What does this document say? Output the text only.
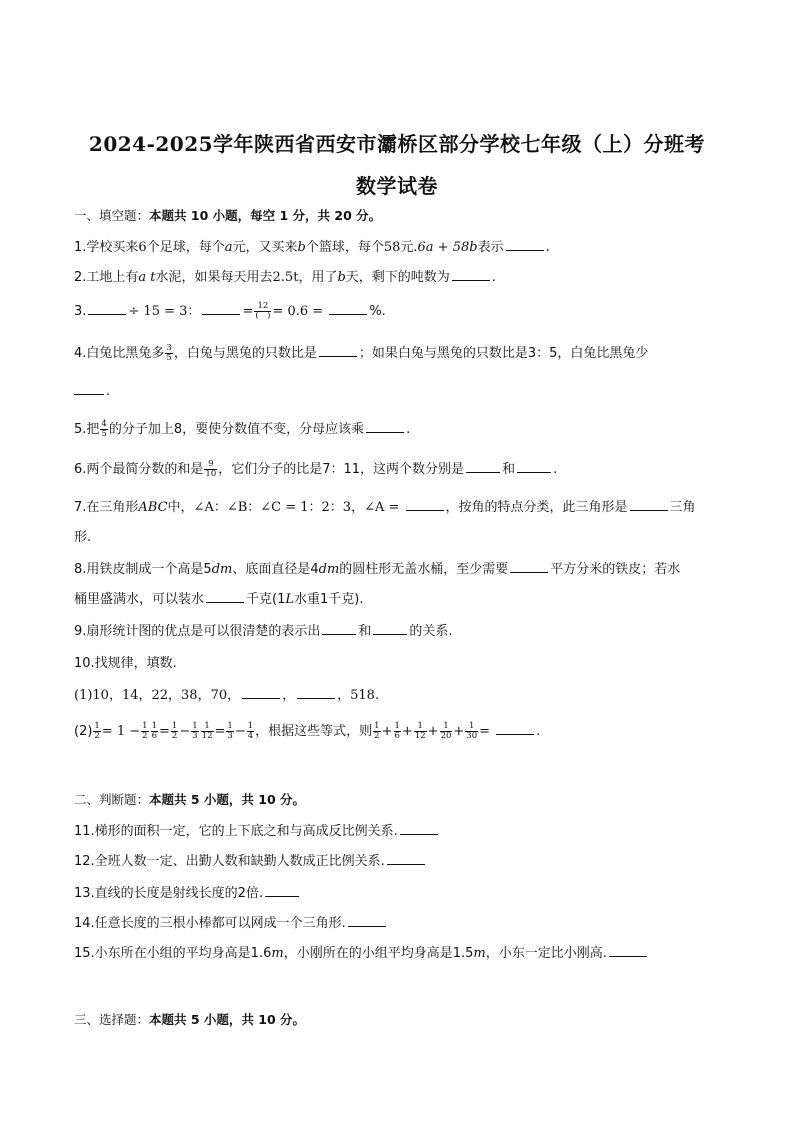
2024-2025学年陕西省西安市灞桥区部分学校七年级（上）分班考
数学试卷
一、填空题：本题共 10 小题，每空 1 分，共 20 分。
1.学校买来6个足球，每个a元，又买来b个篮球，每个58元.6a + 58b表示	.
2.工地上有a t水泥，如果每天用去2.5t，用了b天，剩下的吨数为	.
3.	÷ 15 = 3：	= $\frac{12}{( )} = 0.6$ =	%.
4.白兔比黑兔多 $\frac{3}{5}$ ，白兔与黑兔的只数比是	；如果白兔与黑兔的只数比是3：5，白兔比黑兔少
.
5.把 $\frac{4}{5}$ 的分子加上8，要使分数值不变，分母应该乘	.
6.两个最简分数的和是 $\frac{9}{10}$ ，它们分子的比是7：11，这两个数分别是	和	.
7.在三角形ABC中，∠A：∠B：∠C = 1：2：3，∠A =	，按角的特点分类，此三角形是	三角
形.
8.用铁皮制成一个高是5dm、底面直径是4dm的圆柱形无盖水桶，至少需要	平方分米的铁皮；若水
桶里盛满水，可以装水	千克(1L水重1千克).
9.扇形统计图的优点是可以很清楚的表示出	和	的关系.
10.找规律，填数.
(1)10，14，22，38，70，	，	，518.
$(2) \frac{1}{2} = 1 - \frac{1}{2} \frac{1}{6} = \frac{1}{2} - \frac{1}{3} \frac{1}{12} = \frac{1}{3} - \frac{1}{4}$ ，根据这些等式，则 $\frac{1}{2} + \frac{1}{6} + \frac{1}{12} + \frac{1}{20} + \frac{1}{30}$ =	.
二、判断题：本题共 5 小题，共 10 分。
11.梯形的面积一定，它的上下底之和与高成反比例关系.
12.全班人数一定、出勤人数和缺勤人数成正比例关系.
13.直线的长度是射线长度的2倍.
14.任意长度的三根小棒都可以网成一个三角形.
15.小东所在小组的平均身高是1.6m，小刚所在的小组平均身高是1.5m，小东一定比小刚高.
三、选择题：本题共 5 小题，共 10 分。
